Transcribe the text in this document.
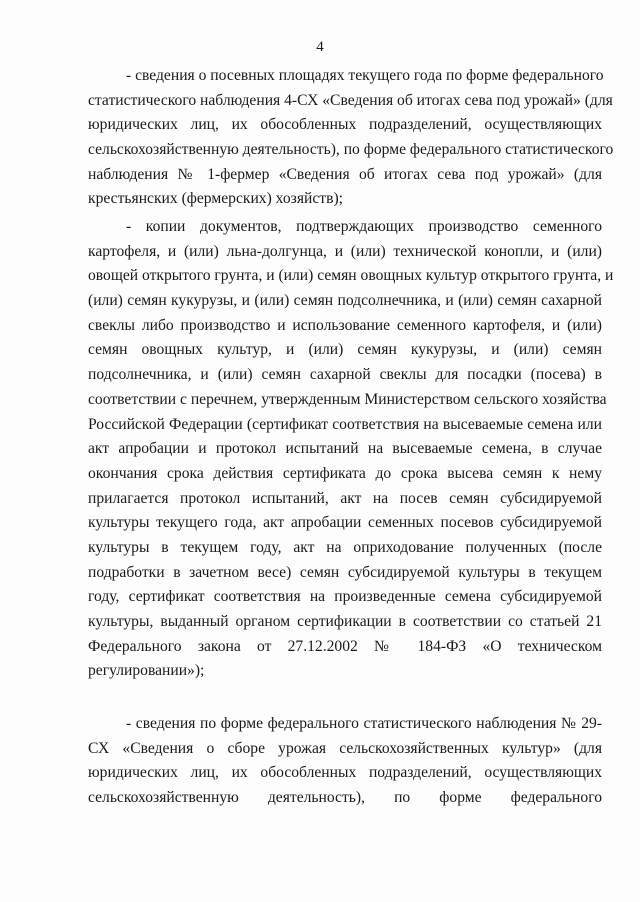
4

- сведения о посевных площадях текущего года по форме федерального
статистического наблюдения 4-СХ «Сведения об итогах сева под урожай» (для
юридических лиц, их обособленных подразделений, осуществляющих
сельскохозяйственную деятельность), по форме федерального статистического
наблюдения № 1-фермер «Сведения об итогах сева под урожай» (для
крестьянских (фермерских) хозяйств);

- копии документов, подтверждающих производство семенного
картофеля, и (или) льна-долгунца, и (или) технической конопли, и (или)
овощей открытого грунта, и (или) семян овощных культур открытого грунта, и
(или) семян кукурузы, и (или) семян подсолнечника, и (или) семян сахарной
свеклы либо производство и использование семенного картофеля, и (или)
семян овощных культур, и (или) семян кукурузы, и (или) семян
подсолнечника, и (или) семян сахарной свеклы для посадки (посева) в
соответствии с перечнем, утвержденным Министерством сельского хозяйства
Российской Федерации (сертификат соответствия на высеваемые семена или
акт апробации и протокол испытаний на высеваемые семена, в случае
окончания срока действия сертификата до срока высева семян к нему
прилагается протокол испытаний, акт на посев семян субсидируемой
культуры текущего года, акт апробации семенных посевов субсидируемой
культуры в текущем году, акт на оприходование полученных (после
подработки в зачетном весе) семян субсидируемой культуры в текущем
году, сертификат соответствия на произведенные семена субсидируемой
культуры, выданный органом сертификации в соответствии со статьей 21
Федерального закона от 27.12.2002 № 184-ФЗ «О техническом
регулировании»);

- сведения по форме федерального статистического наблюдения № 29-
СХ «Сведения о сборе урожая сельскохозяйственных культур» (для
юридических лиц, их обособленных подразделений, осуществляющих
сельскохозяйственную деятельность), по форме федерального
